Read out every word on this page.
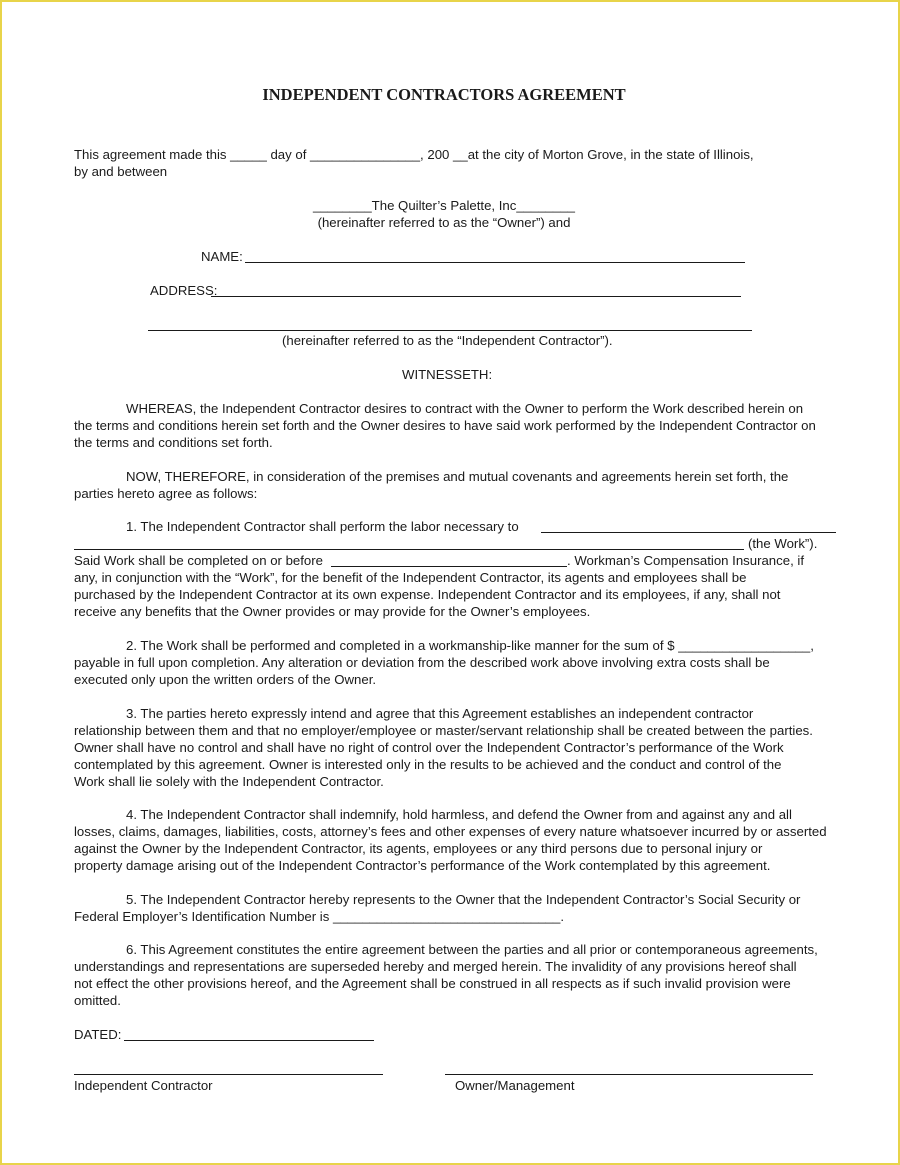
INDEPENDENT CONTRACTORS AGREEMENT
This agreement made this _____ day of _______________, 200 __at the city of Morton Grove, in the state of Illinois,
by and between
________The Quilter’s Palette, Inc________
(hereinafter referred to as the “Owner”) and
NAME:
ADDRESS:
(hereinafter referred to as the “Independent Contractor”).
WITNESSETH:
WHEREAS, the Independent Contractor desires to contract with the Owner to perform the Work described herein on
the terms and conditions herein set forth and the Owner desires to have said work performed by the Independent Contractor on
the terms and conditions set forth.
NOW, THEREFORE, in consideration of the premises and mutual covenants and agreements herein set forth, the
parties hereto agree as follows:
1. The Independent Contractor shall perform the labor necessary to
(the Work”).
Said Work shall be completed on or before	. Workman’s Compensation Insurance, if
any, in conjunction with the “Work”, for the benefit of the Independent Contractor, its agents and employees shall be
purchased by the Independent Contractor at its own expense. Independent Contractor and its employees, if any, shall not
receive any benefits that the Owner provides or may provide for the Owner’s employees.
2. The Work shall be performed and completed in a workmanship-like manner for the sum of $ __________________,
payable in full upon completion. Any alteration or deviation from the described work above involving extra costs shall be
executed only upon the written orders of the Owner.
3. The parties hereto expressly intend and agree that this Agreement establishes an independent contractor
relationship between them and that no employer/employee or master/servant relationship shall be created between the parties.
Owner shall have no control and shall have no right of control over the Independent Contractor’s performance of the Work
contemplated by this agreement. Owner is interested only in the results to be achieved and the conduct and control of the
Work shall lie solely with the Independent Contractor.
4. The Independent Contractor shall indemnify, hold harmless, and defend the Owner from and against any and all
losses, claims, damages, liabilities, costs, attorney’s fees and other expenses of every nature whatsoever incurred by or asserted
against the Owner by the Independent Contractor, its agents, employees or any third persons due to personal injury or
property damage arising out of the Independent Contractor’s performance of the Work contemplated by this agreement.
5. The Independent Contractor hereby represents to the Owner that the Independent Contractor’s Social Security or
Federal Employer’s Identification Number is _______________________________.
6. This Agreement constitutes the entire agreement between the parties and all prior or contemporaneous agreements,
understandings and representations are superseded hereby and merged herein. The invalidity of any provisions hereof shall
not effect the other provisions hereof, and the Agreement shall be construed in all respects as if such invalid provision were
omitted.
DATED:
Independent Contractor	Owner/Management
